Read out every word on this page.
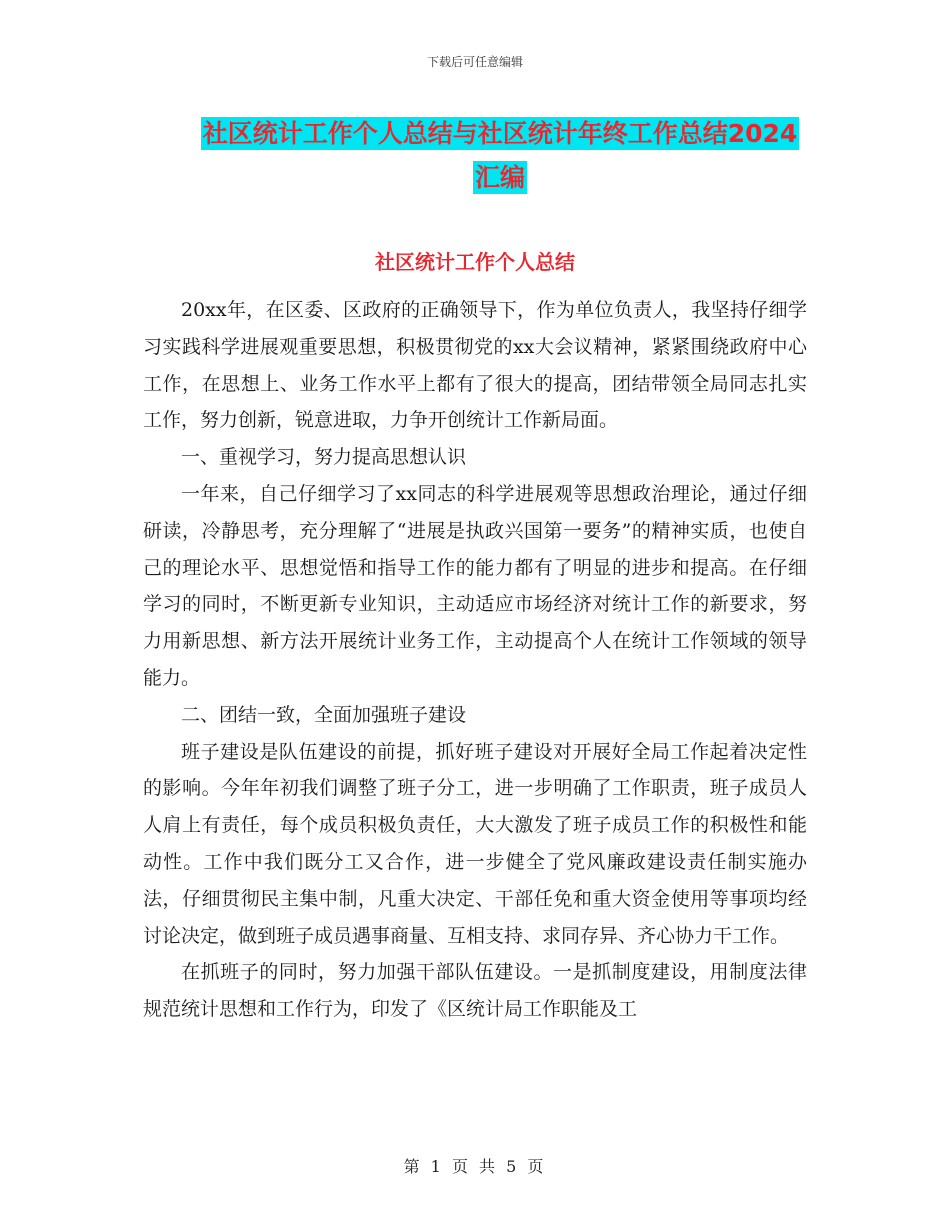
下载后可任意编辑
社区统计工作个人总结与社区统计年终工作总结2024汇编
社区统计工作个人总结

20xx年，在区委、区政府的正确领导下，作为单位负责人，我坚持仔细学习实践科学进展观重要思想，积极贯彻党的xx大会议精神，紧紧围绕政府中心工作，在思想上、业务工作水平上都有了很大的提高，团结带领全局同志扎实工作，努力创新，锐意进取，力争开创统计工作新局面。

一、重视学习，努力提高思想认识

一年来，自己仔细学习了xx同志的科学进展观等思想政治理论，通过仔细研读，冷静思考，充分理解了“进展是执政兴国第一要务”的精神实质，也使自己的理论水平、思想觉悟和指导工作的能力都有了明显的进步和提高。在仔细学习的同时，不断更新专业知识，主动适应市场经济对统计工作的新要求，努力用新思想、新方法开展统计业务工作，主动提高个人在统计工作领域的领导能力。

二、团结一致，全面加强班子建设

班子建设是队伍建设的前提，抓好班子建设对开展好全局工作起着决定性的影响。今年年初我们调整了班子分工，进一步明确了工作职责，班子成员人人肩上有责任，每个成员积极负责任，大大激发了班子成员工作的积极性和能动性。工作中我们既分工又合作，进一步健全了党风廉政建设责任制实施办法，仔细贯彻民主集中制，凡重大决定、干部任免和重大资金使用等事项均经讨论决定，做到班子成员遇事商量、互相支持、求同存异、齐心协力干工作。

在抓班子的同时，努力加强干部队伍建设。一是抓制度建设，用制度法律规范统计思想和工作行为，印发了《区统计局工作职能及工

第 1 页 共 5 页
